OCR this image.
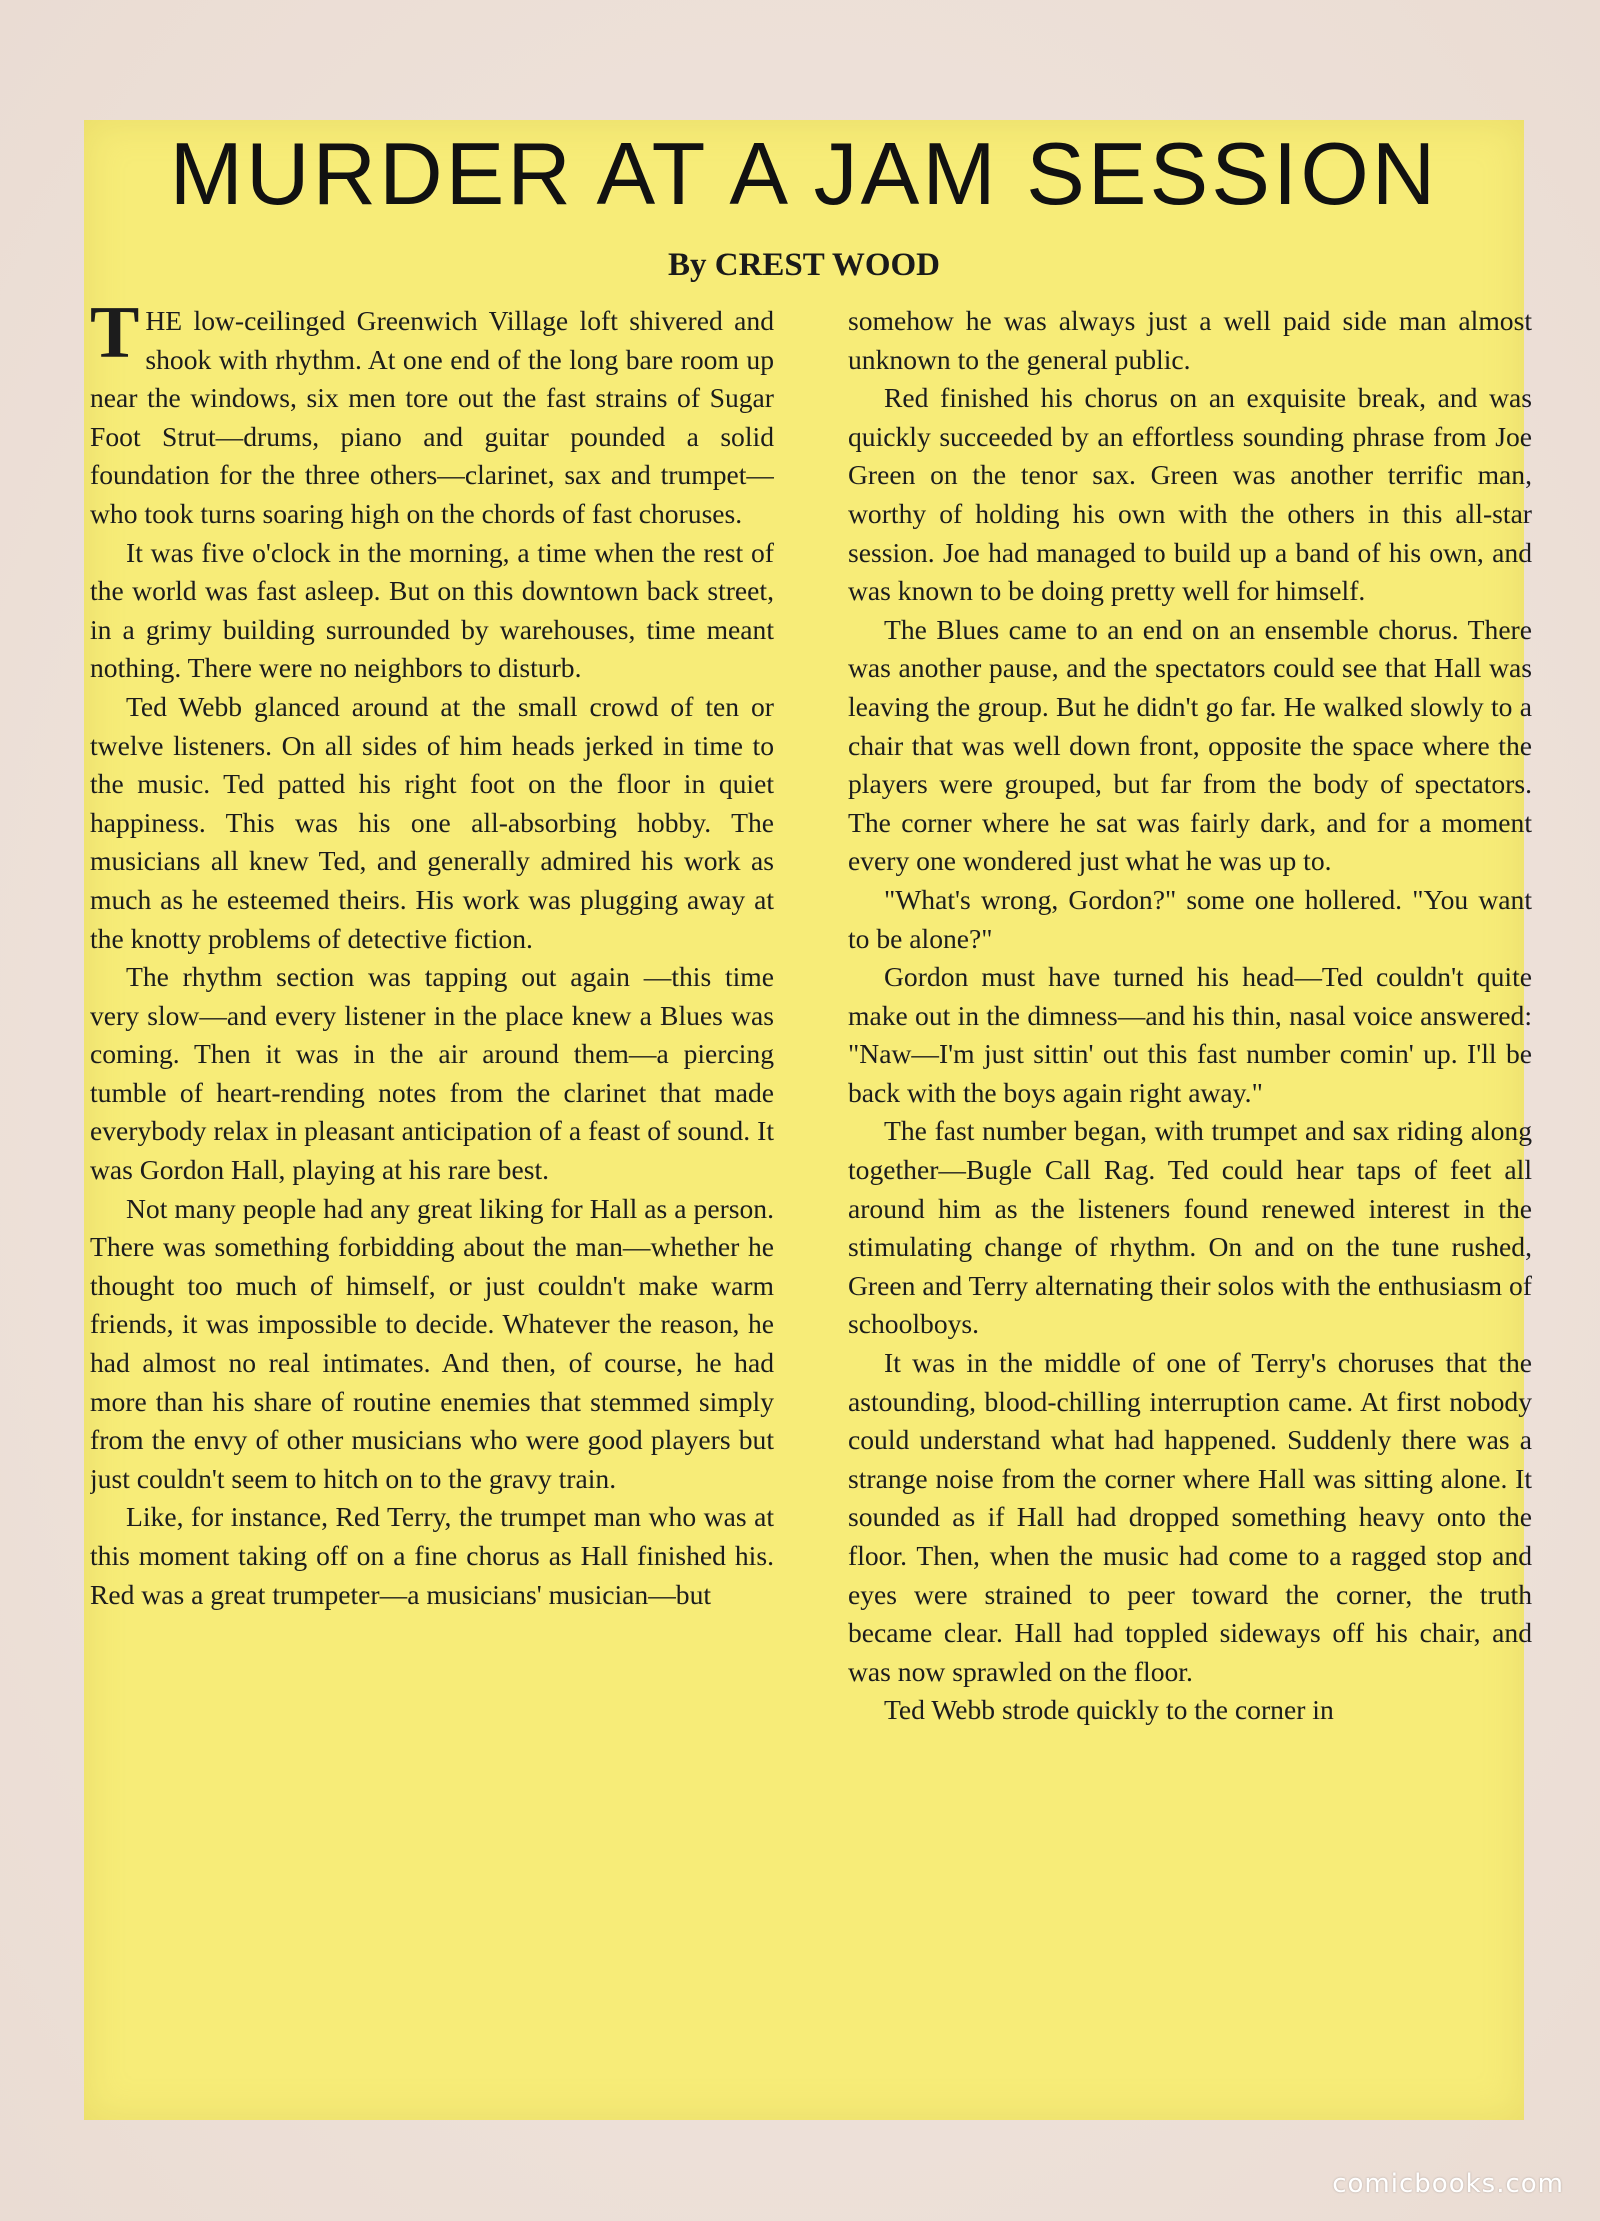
MURDER AT A JAM SESSION
By CREST WOOD

THE low-ceilinged Greenwich Village loft shivered and shook with rhythm. At one end of the long bare room up near the windows, six men tore out the fast strains of Sugar Foot Strut—drums, piano and guitar pounded a solid foundation for the three others—clarinet, sax and trumpet—who took turns soaring high on the chords of fast choruses.

It was five o'clock in the morning, a time when the rest of the world was fast asleep. But on this downtown back street, in a grimy building surrounded by warehouses, time meant nothing. There were no neighbors to disturb.

Ted Webb glanced around at the small crowd of ten or twelve listeners. On all sides of him heads jerked in time to the music. Ted patted his right foot on the floor in quiet happiness. This was his one all-absorbing hobby. The musicians all knew Ted, and generally admired his work as much as he esteemed theirs. His work was plugging away at the knotty problems of detective fiction.

The rhythm section was tapping out again —this time very slow—and every listener in the place knew a Blues was coming. Then it was in the air around them—a piercing tumble of heart-rending notes from the clarinet that made everybody relax in pleasant anticipation of a feast of sound. It was Gordon Hall, playing at his rare best.

Not many people had any great liking for Hall as a person. There was something forbidding about the man—whether he thought too much of himself, or just couldn't make warm friends, it was impossible to decide. Whatever the reason, he had almost no real intimates. And then, of course, he had more than his share of routine enemies that stemmed simply from the envy of other musicians who were good players but just couldn't seem to hitch on to the gravy train.

Like, for instance, Red Terry, the trumpet man who was at this moment taking off on a fine chorus as Hall finished his. Red was a great trumpeter—a musicians' musician—but

somehow he was always just a well paid side man almost unknown to the general public.

Red finished his chorus on an exquisite break, and was quickly succeeded by an effortless sounding phrase from Joe Green on the tenor sax. Green was another terrific man, worthy of holding his own with the others in this all-star session. Joe had managed to build up a band of his own, and was known to be doing pretty well for himself.

The Blues came to an end on an ensemble chorus. There was another pause, and the spectators could see that Hall was leaving the group. But he didn't go far. He walked slowly to a chair that was well down front, opposite the space where the players were grouped, but far from the body of spectators. The corner where he sat was fairly dark, and for a moment every one wondered just what he was up to.

"What's wrong, Gordon?" some one hollered. "You want to be alone?"

Gordon must have turned his head—Ted couldn't quite make out in the dimness—and his thin, nasal voice answered: "Naw—I'm just sittin' out this fast number comin' up. I'll be back with the boys again right away."

The fast number began, with trumpet and sax riding along together—Bugle Call Rag. Ted could hear taps of feet all around him as the listeners found renewed interest in the stimulating change of rhythm. On and on the tune rushed, Green and Terry alternating their solos with the enthusiasm of schoolboys.

It was in the middle of one of Terry's choruses that the astounding, blood-chilling interruption came. At first nobody could understand what had happened. Suddenly there was a strange noise from the corner where Hall was sitting alone. It sounded as if Hall had dropped something heavy onto the floor. Then, when the music had come to a ragged stop and eyes were strained to peer toward the corner, the truth became clear. Hall had toppled sideways off his chair, and was now sprawled on the floor.

Ted Webb strode quickly to the corner in

comicbooks.com
